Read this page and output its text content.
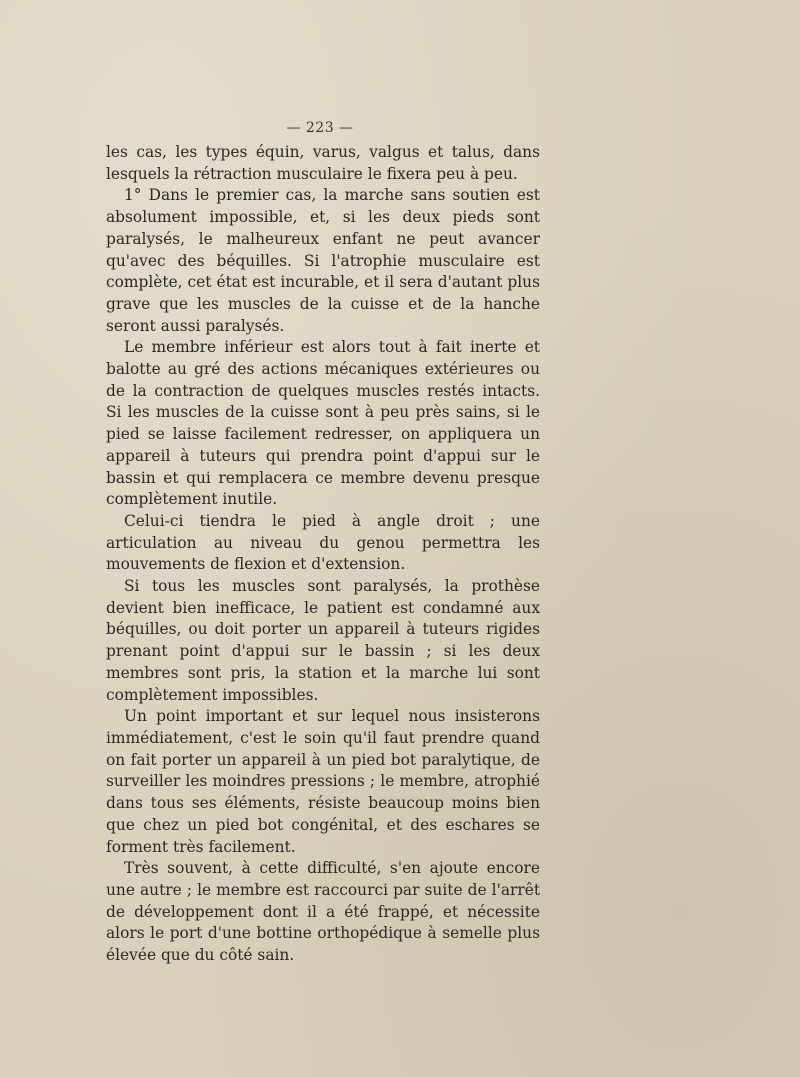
— 223 —

les cas, les types équin, varus, valgus et talus, dans lesquels la rétraction musculaire le fixera peu à peu.

1° Dans le premier cas, la marche sans soutien est absolument impossible, et, si les deux pieds sont paralysés, le malheureux enfant ne peut avancer qu'avec des béquilles. Si l'atrophie musculaire est complète, cet état est incurable, et il sera d'autant plus grave que les muscles de la cuisse et de la hanche seront aussi paralysés.

Le membre inférieur est alors tout à fait inerte et balotte au gré des actions mécaniques extérieures ou de la contraction de quelques muscles restés intacts. Si les muscles de la cuisse sont à peu près sains, si le pied se laisse facilement redresser, on appliquera un appareil à tuteurs qui prendra point d'appui sur le bassin et qui remplacera ce membre devenu presque complètement inutile.

Celui-ci tiendra le pied à angle droit ; une articulation au niveau du genou permettra les mouvements de flexion et d'extension.

Si tous les muscles sont paralysés, la prothèse devient bien inefficace, le patient est condamné aux béquilles, ou doit porter un appareil à tuteurs rigides prenant point d'appui sur le bassin ; si les deux membres sont pris, la station et la marche lui sont complètement impossibles.

Un point important et sur lequel nous insisterons immédiatement, c'est le soin qu'il faut prendre quand on fait porter un appareil à un pied bot paralytique, de surveiller les moindres pressions ; le membre, atrophié dans tous ses éléments, résiste beaucoup moins bien que chez un pied bot congénital, et des eschares se forment très facilement.

Très souvent, à cette difficulté, s'en ajoute encore une autre ; le membre est raccourci par suite de l'arrêt de développement dont il a été frappé, et nécessite alors le port d'une bottine orthopédique à semelle plus élevée que du côté sain.
